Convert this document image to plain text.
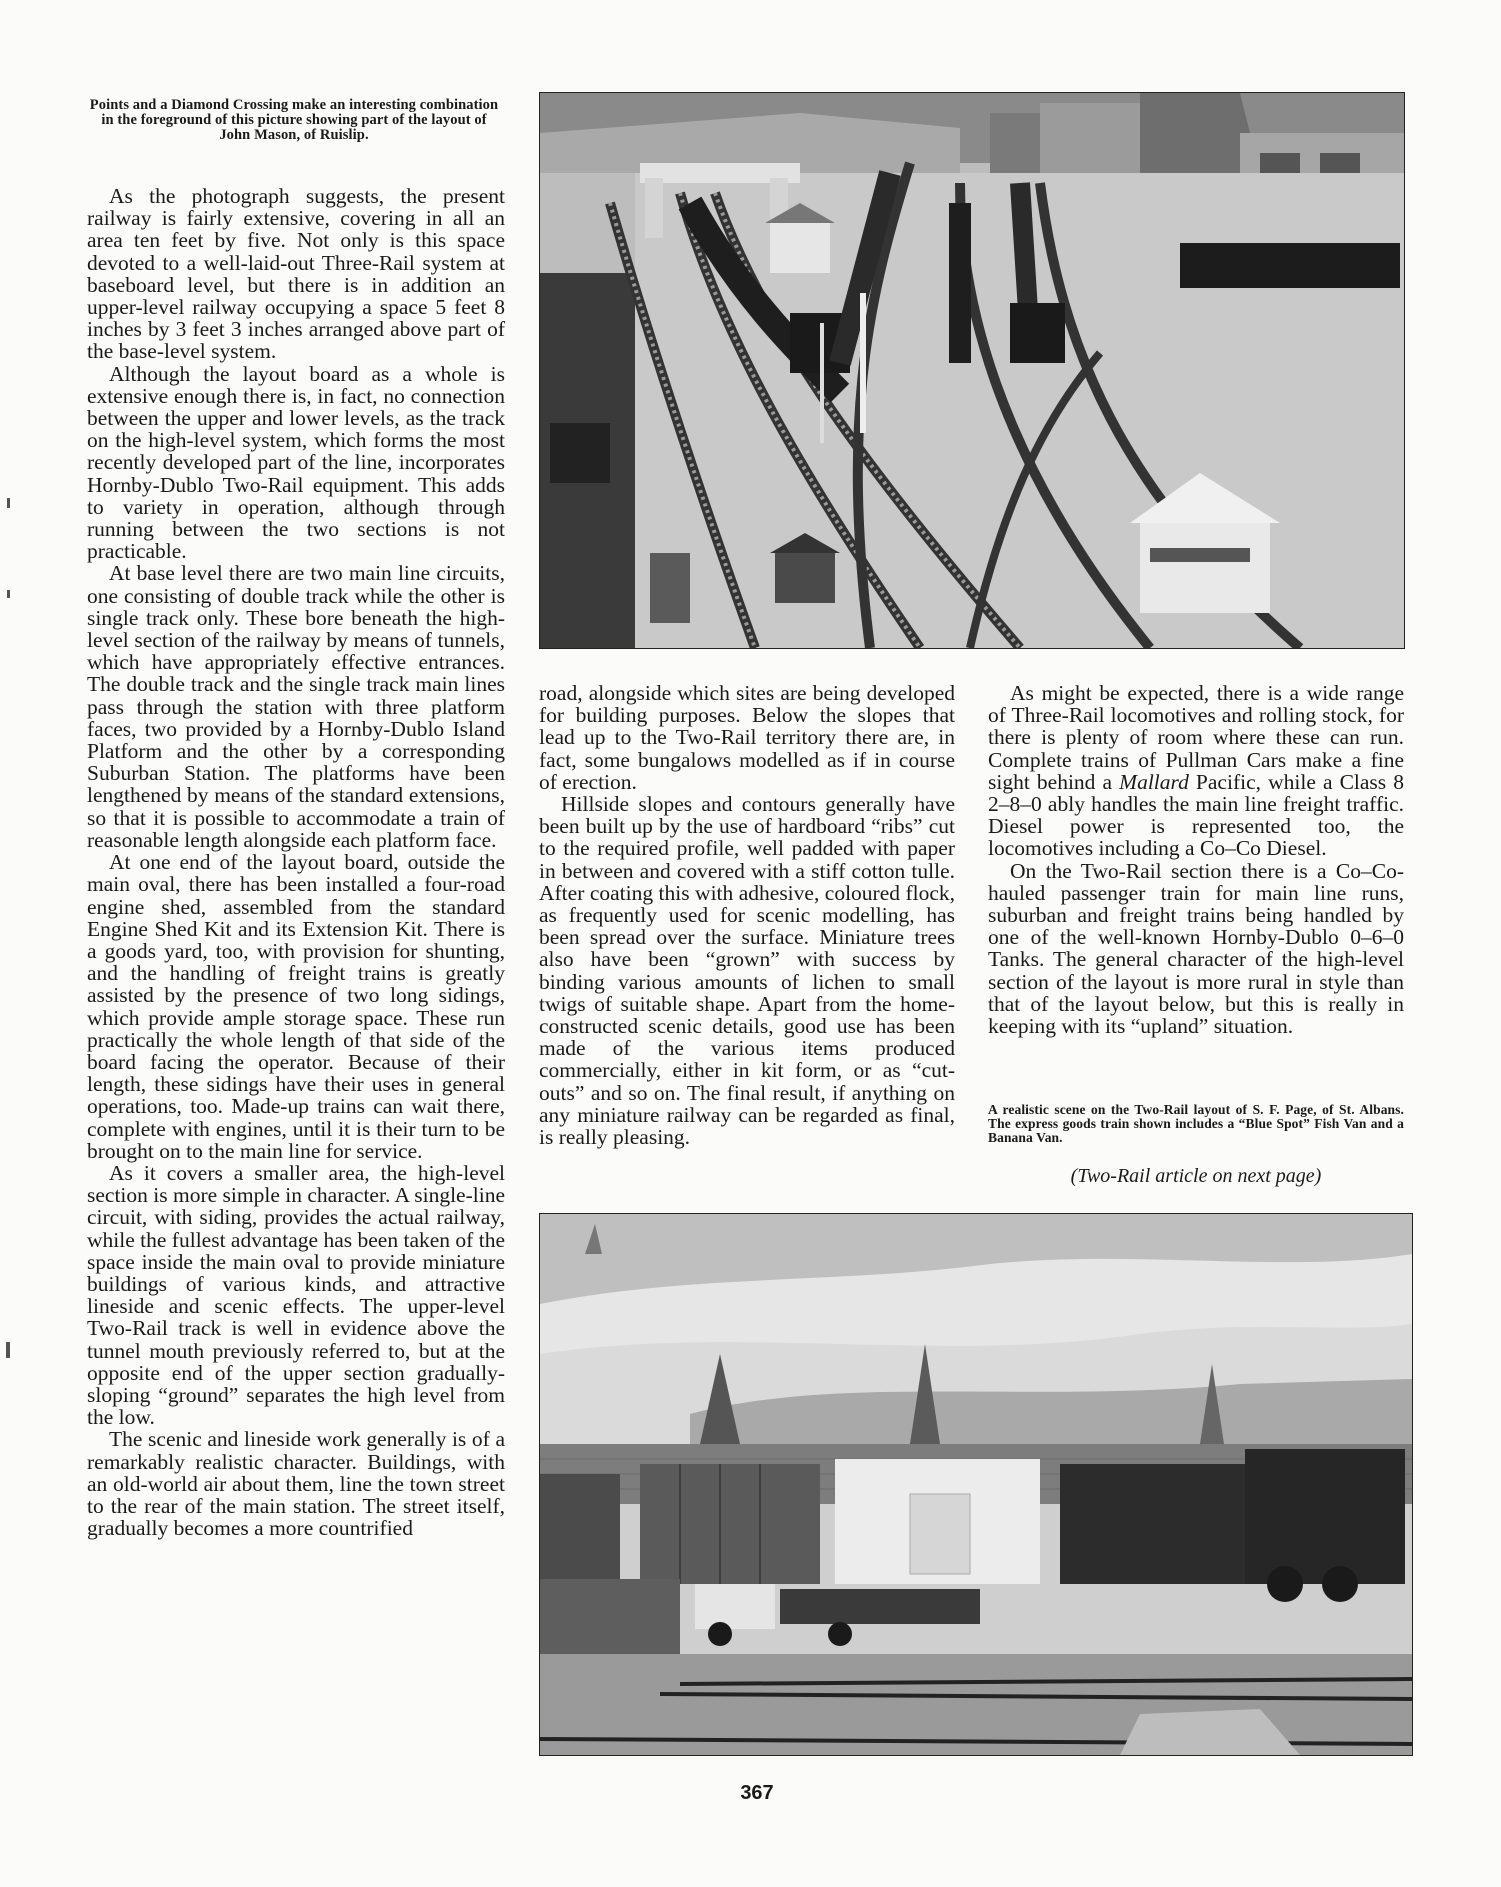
Points and a Diamond Crossing make an interesting combination in the foreground of this picture showing part of the layout of John Mason, of Ruislip.

As the photograph suggests, the present railway is fairly extensive, covering in all an area ten feet by five. Not only is this space devoted to a well-laid-out Three-Rail system at baseboard level, but there is in addition an upper-level railway occupying a space 5 feet 8 inches by 3 feet 3 inches arranged above part of the base-level system.

Although the layout board as a whole is extensive enough there is, in fact, no connection between the upper and lower levels, as the track on the high-level system, which forms the most recently developed part of the line, incorporates Hornby-Dublo Two-Rail equipment. This adds to variety in operation, although through running between the two sections is not practicable.

At base level there are two main line circuits, one consisting of double track while the other is single track only. These bore beneath the high-level section of the railway by means of tunnels, which have appropriately effective entrances. The double track and the single track main lines pass through the station with three platform faces, two provided by a Hornby-Dublo Island Platform and the other by a corresponding Suburban Station. The platforms have been lengthened by means of the standard extensions, so that it is possible to accommodate a train of reasonable length alongside each platform face.

At one end of the layout board, outside the main oval, there has been installed a four-road engine shed, assembled from the standard Engine Shed Kit and its Extension Kit. There is a goods yard, too, with provision for shunting, and the handling of freight trains is greatly assisted by the presence of two long sidings, which provide ample storage space. These run practically the whole length of that side of the board facing the operator. Because of their length, these sidings have their uses in general operations, too. Made-up trains can wait there, complete with engines, until it is their turn to be brought on to the main line for service.

As it covers a smaller area, the high-level section is more simple in character. A single-line circuit, with siding, provides the actual railway, while the fullest advantage has been taken of the space inside the main oval to provide miniature buildings of various kinds, and attractive lineside and scenic effects. The upper-level Two-Rail track is well in evidence above the tunnel mouth previously referred to, but at the opposite end of the upper section gradually-sloping “ground” separates the high level from the low.

The scenic and lineside work generally is of a remarkably realistic character. Buildings, with an old-world air about them, line the town street to the rear of the main station. The street itself, gradually becomes a more countrified

road, alongside which sites are being developed for building purposes. Below the slopes that lead up to the Two-Rail territory there are, in fact, some bungalows modelled as if in course of erection.

Hillside slopes and contours generally have been built up by the use of hardboard “ribs” cut to the required profile, well padded with paper in between and covered with a stiff cotton tulle. After coating this with adhesive, coloured flock, as frequently used for scenic modelling, has been spread over the surface. Miniature trees also have been “grown” with success by binding various amounts of lichen to small twigs of suitable shape. Apart from the home-constructed scenic details, good use has been made of the various items produced commercially, either in kit form, or as “cut-outs” and so on. The final result, if anything on any miniature railway can be regarded as final, is really pleasing.

As might be expected, there is a wide range of Three-Rail locomotives and rolling stock, for there is plenty of room where these can run. Complete trains of Pullman Cars make a fine sight behind a Mallard Pacific, while a Class 8 2–8–0 ably handles the main line freight traffic. Diesel power is represented too, the locomotives including a Co–Co Diesel.

On the Two-Rail section there is a Co–Co-hauled passenger train for main line runs, suburban and freight trains being handled by one of the well-known Hornby-Dublo 0–6–0 Tanks. The general character of the high-level section of the layout is more rural in style than that of the layout below, but this is really in keeping with its “upland” situation.

A realistic scene on the Two-Rail layout of S. F. Page, of St. Albans. The express goods train shown includes a “Blue Spot” Fish Van and a Banana Van.
(Two-Rail article on next page)
367
